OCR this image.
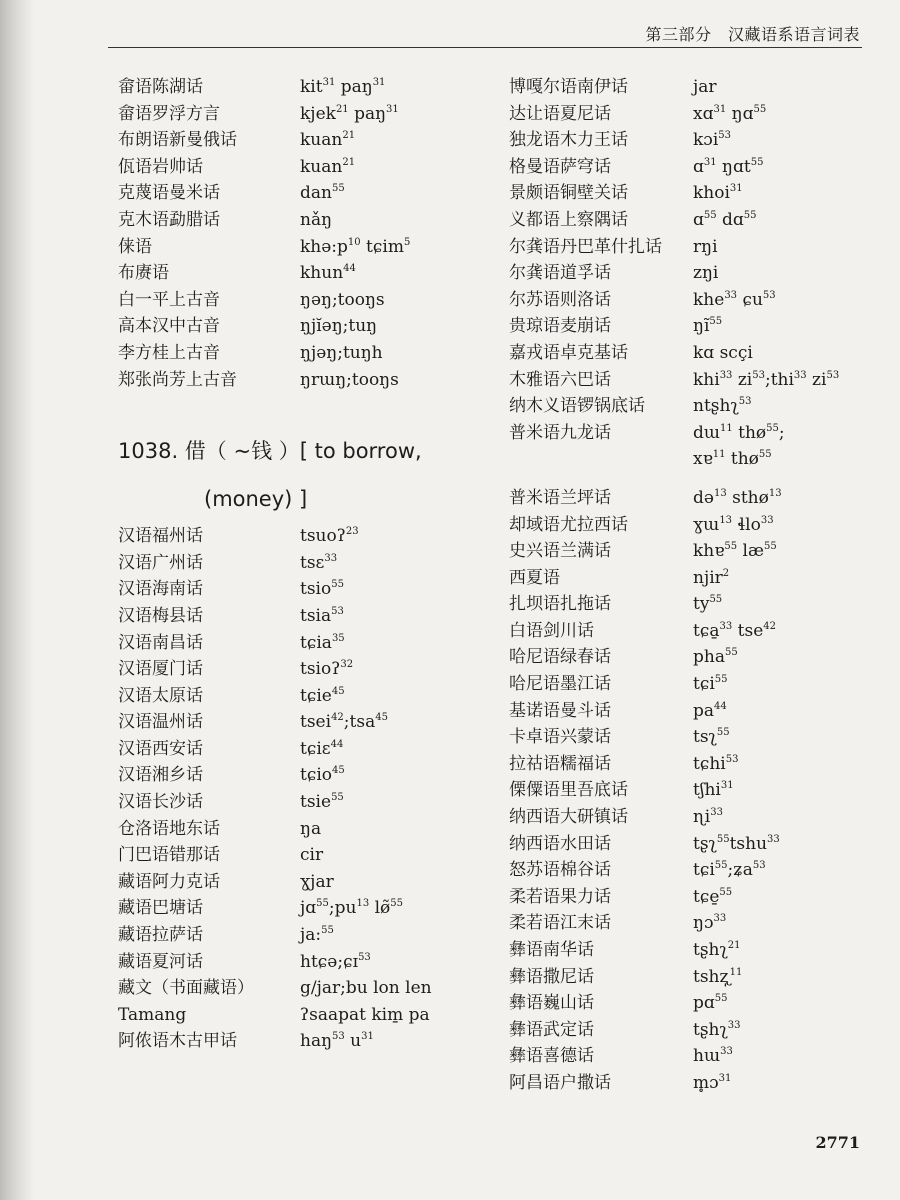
第三部分　汉藏语系语言词表
畲语陈湖话	kit$^{31}$ paŋ$^{31}$
畲语罗浮方言	kjek$^{21}$ paŋ$^{31}$
布朗语新曼俄话	kuan$^{21}$
佤语岩帅话	kuan$^{21}$
克蔑语曼米话	dan$^{55}$
克木语勐腊话	nǎŋ
俫语	$khə:p^{10}$ tɕim$^5$
布赓语	khun$^{44}$
白一平上古音	ŋəŋ;tooŋs
高本汉中古音	ŋjĭəŋ;tuŋ
李方桂上古音	ŋjəŋ;tuŋh
郑张尚芳上古音	ŋrɯŋ;tooŋs
1038. 借（ ~钱 ）[ to borrow,
(money) ]
汉语福州话	tsuoʔ$^{23}$
汉语广州话	tsɛ$^{33}$
汉语海南话	tsio$^{55}$
汉语梅县话	tsia$^{53}$
汉语南昌话	tɕia$^{35}$
汉语厦门话	tsioʔ$^{32}$
汉语太原话	tɕie$^{45}$
汉语温州话	tsei$^{42}$;tsa$^{45}$
汉语西安话	tɕiɛ$^{44}$
汉语湘乡话	tɕio$^{45}$
汉语长沙话	tsie$^{55}$
仓洛语地东话	ŋa
门巴语错那话	cir
藏语阿力克话	ɣjar
藏语巴塘话	$jɑ^{55};pu^{13}$ lø̃$^{55}$
藏语拉萨话	ja:$^{55}$
藏语夏河话	htɕə;ɕɪ$^{53}$
藏文（书面藏语）	g/jar;bu lon len
Tamang	ʔsaapat kim̱ pa
阿侬语木古甲话	haŋ$^{53}$ $u^{31}$
博嘎尔语南伊话	jar
达让语夏尼话	xɑ$^{31}$ ŋɑ$^{55}$
独龙语木力王话	kɔi$^{53}$
格曼语萨穹话	ɑ$^{31}$ ŋɑt$^{55}$
景颇语铜壁关话	khoi$^{31}$
义都语上察隅话	ɑ$^{55}$ dɑ$^{55}$
尔龚语丹巴革什扎话 rŋi
尔龚语道孚话	zŋi
尔苏语则洛话	khe$^{33}$ ɕu$^{53}$
贵琼语麦崩话	$ŋĩ^{55}$
嘉戎语卓克基话	kɑ scçi
木雅语六巴话	khi$^{33}$ $zi^{53};thi^{33}$ $zi^{53}$
纳木义语锣锅底话	ntʂhʅ$^{53}$
普米语九龙话	dɯ$^{11}$ thø$^{55}$;
xɐ$^{11}$ thø$^{55}$
普米语兰坪话	də$^{13}$ sthø$^{13}$
却域语尤拉西话	ɣɯ$^{13}$ ɬlo$^{33}$
史兴语兰满话	khɐ$^{55}$ $læ^{55}$
西夏语	njir$^2$
扎坝语扎拖话	$ty^{55}$
白语剑川话	tɕa̱$^{33}$ tse$^{42}$
哈尼语绿春话	pha$^{55}$
哈尼语墨江话	tɕi$^{55}$
基诺语曼斗话	$pa^{44}$
卡卓语兴蒙话	tsʅ$^{55}$
拉祜语糯福话	tɕhi$^{53}$
傈僳语里吾底话	tʃhi$^{31}$
纳西语大研镇话	ɳi$^{33}$
纳西语水田话	tʂʅ$^{55}$tshu$^{33}$
怒苏语棉谷话	tɕi$^{55}$;ʑa$^{53}$
柔若语果力话	tɕe̱$^{55}$
柔若语江末话	ŋɔ$^{33}$
彝语南华话	tʂhʅ$^{21}$
彝语撒尼话	tshʐ̩$^{11}$
彝语巍山话	pɑ$^{55}$
彝语武定话	tʂhʅ$^{33}$
彝语喜德话	hɯ$^{33}$
阿昌语户撒话	m̥ɔ$^{31}$
2771
